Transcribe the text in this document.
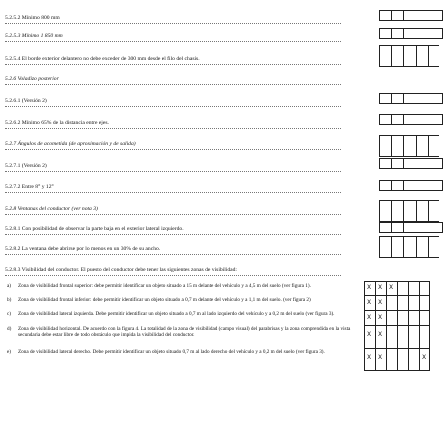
5.2.5.2 Mínimo 800 mm
5.2.5.3 Mínimo 1 850 mm
5.2.5.4 El borde exterior delantero no debe exceder de 300 mm desde el filo del chasis.
5.2.6 Voladizo posterior
5.2.6.1 (Versión 2)
5.2.6.2 Mínimo 65% de la distancia entre ejes.
5.2.7 Ángulos de acometida (de aproximación y de salida)
5.2.7.1 (Versión 2)
5.2.7.2 Entre 8° y 12°
5.2.8 Ventanas del conductor (ver nota 3)
5.2.8.1 Con posibilidad de observar la parte baja en el exterior lateral izquierdo.
5.2.8.2 La ventana debe abrirse por lo menos en un 30% de su ancho.
5.2.8.3 Visibilidad del conductor. El puesto del conductor debe tener las siguientes zonas de visibilidad:
a) Zona de visibilidad frontal superior: debe permitir identificar un objeto situado a 15 m delante del vehículo y a 4,5 m del suelo (ver figura 1).
b) Zona de visibilidad frontal inferior: debe permitir identificar un objeto situado a 0,7 m delante del vehículo y a 1,1 m del suelo. (ver figura 2)
c) Zona de visibilidad lateral izquierda. Debe permitir identificar un objeto situado a 0,7 m al lado izquierdo del vehículo y a 0,2 m del suelo (ver figura 3).
d) Zona de visibilidad horizontal. De acuerdo con la figura 4. La totalidad de la zona de visibilidad (campo visual) del parabrisas y la zona comprendida en la vista secundaria debe estar libre de todo obstáculo que impida la visibilidad del conductor.
e) Zona de visibilidad lateral derecho. Debe permitir identificar un objeto situado 0,7 m al lado derecho del vehículo y a 0,2 m del suelo (ver figura 3).
X X X
X X
X X
X X
X X	X
